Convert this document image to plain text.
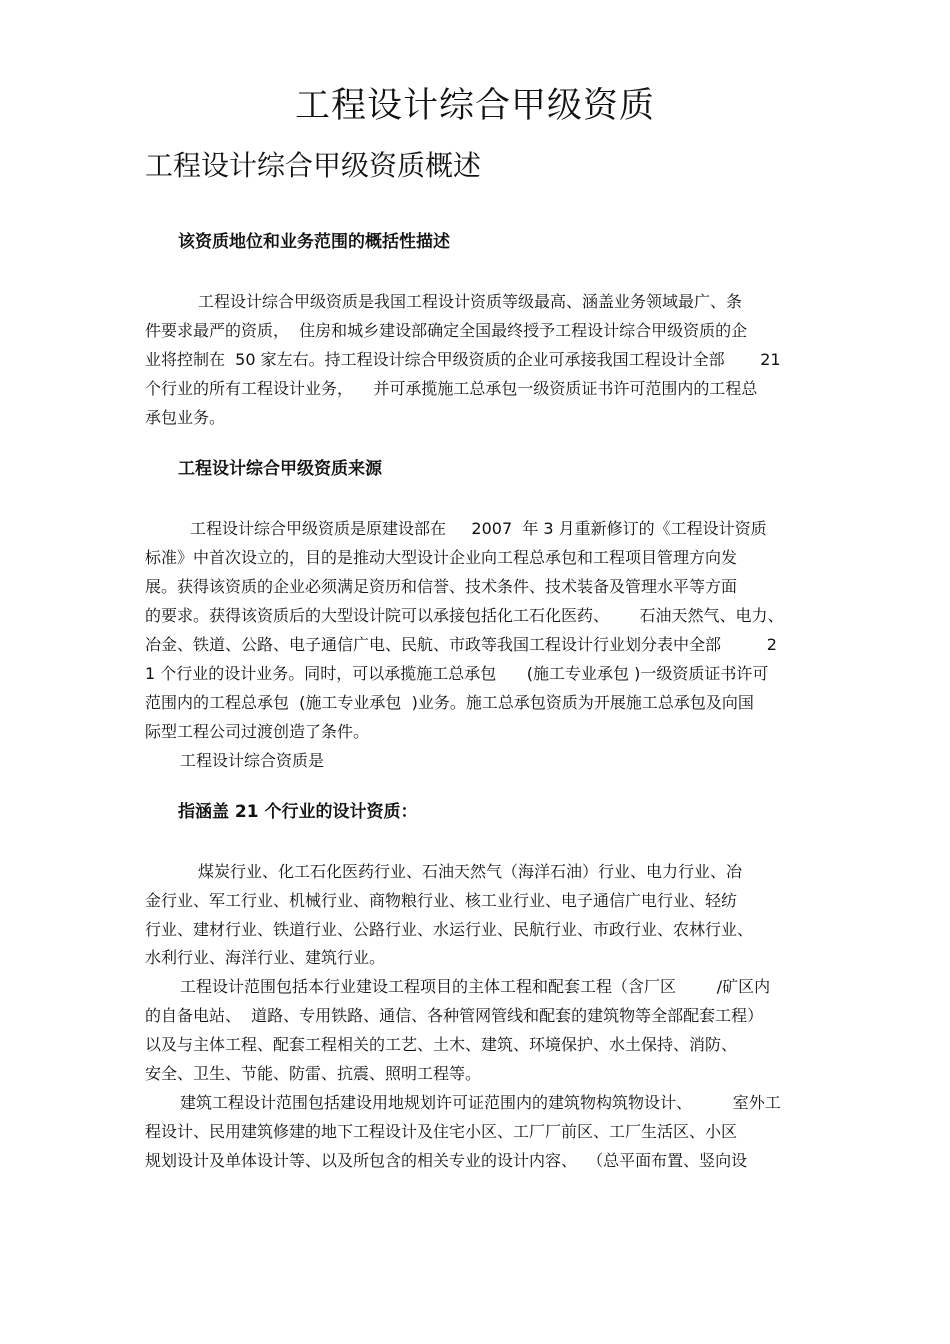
工程设计综合甲级资质
工程设计综合甲级资质概述
该资质地位和业务范围的概括性描述

工程设计综合甲级资质是我国工程设计资质等级最高、涵盖业务领域最广、条

件要求最严的资质，  住房和城乡建设部确定全国最终授予工程设计综合甲级资质的企

业将控制在  50 家左右。持工程设计综合甲级资质的企业可承接我国工程设计全部       21

个行业的所有工程设计业务，    并可承揽施工总承包一级资质证书许可范围内的工程总

承包业务。

工程设计综合甲级资质来源

工程设计综合甲级资质是原建设部在     2007  年 3 月重新修订的《工程设计资质

标准》中首次设立的，目的是推动大型设计企业向工程总承包和工程项目管理方向发

展。获得该资质的企业必须满足资历和信誉、技术条件、技术装备及管理水平等方面

的要求。获得该资质后的大型设计院可以承接包括化工石化医药、      石油天然气、电力、

冶金、铁道、公路、电子通信广电、民航、市政等我国工程设计行业划分表中全部         2

1 个行业的设计业务。同时，可以承揽施工总承包      (施工专业承包 )一级资质证书许可

范围内的工程总承包  (施工专业承包  )业务。施工总承包资质为开展施工总承包及向国

际型工程公司过渡创造了条件。

工程设计综合资质是

指涵盖 21 个行业的设计资质：

煤炭行业、化工石化医药行业、石油天然气（海洋石油）行业、电力行业、冶

金行业、军工行业、机械行业、商物粮行业、核工业行业、电子通信广电行业、轻纺

行业、建材行业、铁道行业、公路行业、水运行业、民航行业、市政行业、农林行业、

水利行业、海洋行业、建筑行业。

工程设计范围包括本行业建设工程项目的主体工程和配套工程（含厂区        /矿区内

的自备电站、  道路、专用铁路、通信、各种管网管线和配套的建筑物等全部配套工程）

以及与主体工程、配套工程相关的工艺、土木、建筑、环境保护、水土保持、消防、

安全、卫生、节能、防雷、抗震、照明工程等。

建筑工程设计范围包括建设用地规划许可证范围内的建筑物构筑物设计、        室外工

程设计、民用建筑修建的地下工程设计及住宅小区、工厂厂前区、工厂生活区、小区

规划设计及单体设计等、以及所包含的相关专业的设计内容、  （总平面布置、竖向设
